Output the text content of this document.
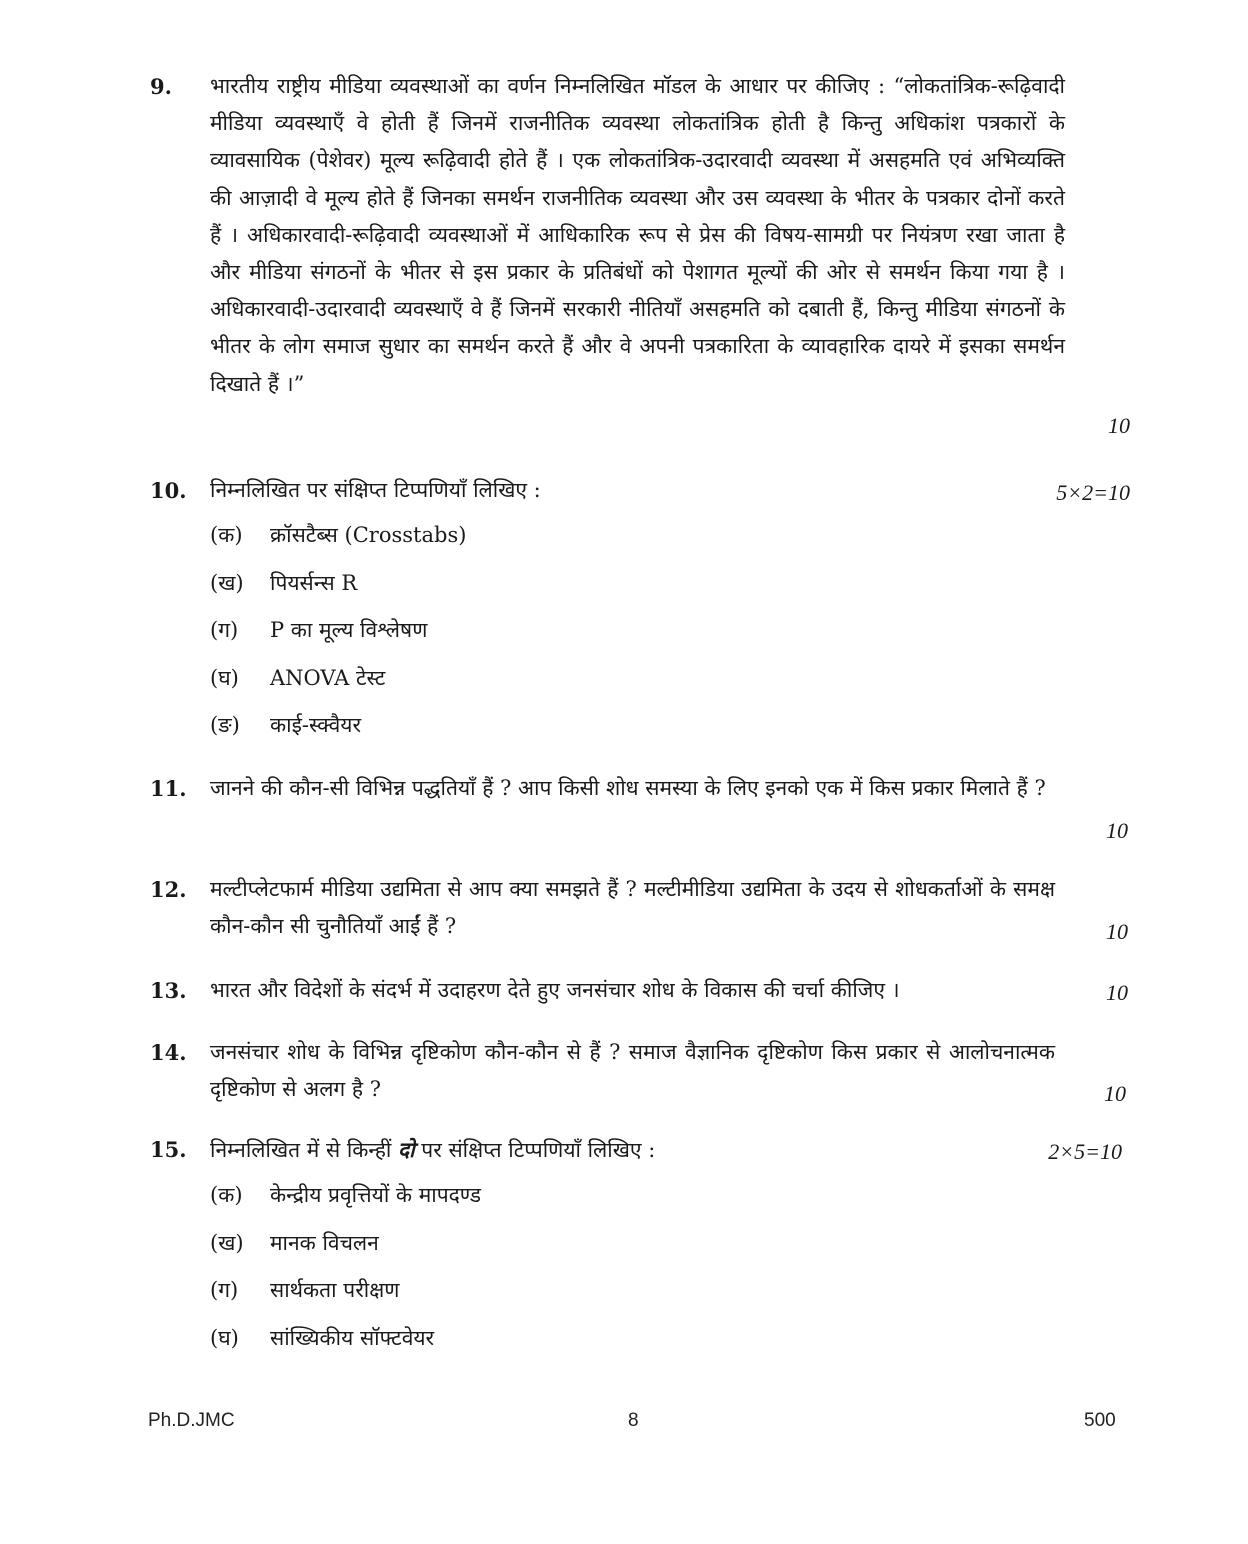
9.	भारतीय राष्ट्रीय मीडिया व्यवस्थाओं का वर्णन निम्नलिखित मॉडल के आधार पर कीजिए : “लोकतांत्रिक-रूढ़िवादी मीडिया व्यवस्थाएँ वे होती हैं जिनमें राजनीतिक व्यवस्था लोकतांत्रिक होती है किन्तु अधिकांश पत्रकारों के व्यावसायिक (पेशेवर) मूल्य रूढ़िवादी होते हैं । एक लोकतांत्रिक-उदारवादी व्यवस्था में असहमति एवं अभिव्यक्ति की आज़ादी वे मूल्य होते हैं जिनका समर्थन राजनीतिक व्यवस्था और उस व्यवस्था के भीतर के पत्रकार दोनों करते हैं । अधिकारवादी-रूढ़िवादी व्यवस्थाओं में आधिकारिक रूप से प्रेस की विषय-सामग्री पर नियंत्रण रखा जाता है और मीडिया संगठनों के भीतर से इस प्रकार के प्रतिबंधों को पेशागत मूल्यों की ओर से समर्थन किया गया है । अधिकारवादी-उदारवादी व्यवस्थाएँ वे हैं जिनमें सरकारी नीतियाँ असहमति को दबाती हैं, किन्तु मीडिया संगठनों के भीतर के लोग समाज सुधार का समर्थन करते हैं और वे अपनी पत्रकारिता के व्यावहारिक दायरे में इसका समर्थन दिखाते हैं ।”

10
10.	निम्नलिखित पर संक्षिप्त टिप्पणियाँ लिखिए :

(क) क्रॉसटैब्स (Crosstabs)
(ख) पियर्सन्स R
(ग) P का मूल्य विश्लेषण
(घ) ANOVA टेस्ट
(ङ) काई-स्क्वैयर
5×2=10
11.	जानने की कौन-सी विभिन्न पद्धतियाँ हैं ? आप किसी शोध समस्या के लिए इनको एक में किस प्रकार मिलाते हैं ?

10
12.	मल्टीप्लेटफार्म मीडिया उद्यमिता से आप क्या समझते हैं ? मल्टीमीडिया उद्यमिता के उदय से शोधकर्ताओं के समक्ष कौन-कौन सी चुनौतियाँ आईं हैं ?	10
13.	भारत और विदेशों के संदर्भ में उदाहरण देते हुए जनसंचार शोध के विकास की चर्चा कीजिए ।	10
14.	जनसंचार शोध के विभिन्न दृष्टिकोण कौन-कौन से हैं ? समाज वैज्ञानिक दृष्टिकोण किस प्रकार से आलोचनात्मक दृष्टिकोण से अलग है ?	10
15.	निम्नलिखित में से किन्हीं दो पर संक्षिप्त टिप्पणियाँ लिखिए :

(क) केन्द्रीय प्रवृत्तियों के मापदण्ड
(ख) मानक विचलन
(ग) सार्थकता परीक्षण
(घ) सांख्यिकीय सॉफ्टवेयर
2×5=10
Ph.D.JMC	8	500
